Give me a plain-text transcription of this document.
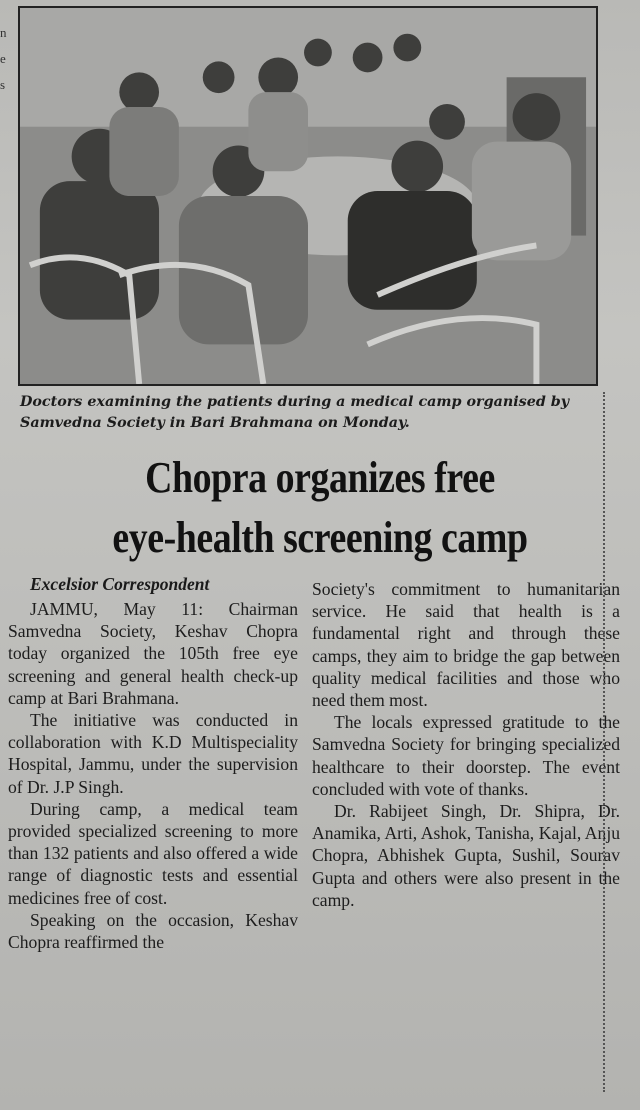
n
e
s
Doctors examining the patients during a medical camp organised by Samvedna Society in Bari Brahmana on Monday.
Chopra organizes free
eye-health screening camp
Excelsior Correspondent

JAMMU, May 11: Chairman Samvedna Society, Keshav Chopra today organized the 105th free eye screening and general health check-up camp at Bari Brahmana.

The initiative was conducted in collaboration with K.D Multispeciality Hospital, Jammu, under the supervision of Dr. J.P Singh.

During camp, a medical team provided specialized screening to more than 132 patients and also offered a wide range of diagnostic tests and essential medicines free of cost.

Speaking on the occasion, Keshav Chopra reaffirmed the

Society's commitment to humanitarian service. He said that health is a fundamental right and through these camps, they aim to bridge the gap between quality medical facilities and those who need them most.

The locals expressed gratitude to the Samvedna Society for bringing specialized healthcare to their doorstep. The event concluded with vote of thanks.

Dr. Rabijeet Singh, Dr. Shipra, Dr. Anamika, Arti, Ashok, Tanisha, Kajal, Anju Chopra, Abhishek Gupta, Sushil, Sourav Gupta and others were also present in the camp.
